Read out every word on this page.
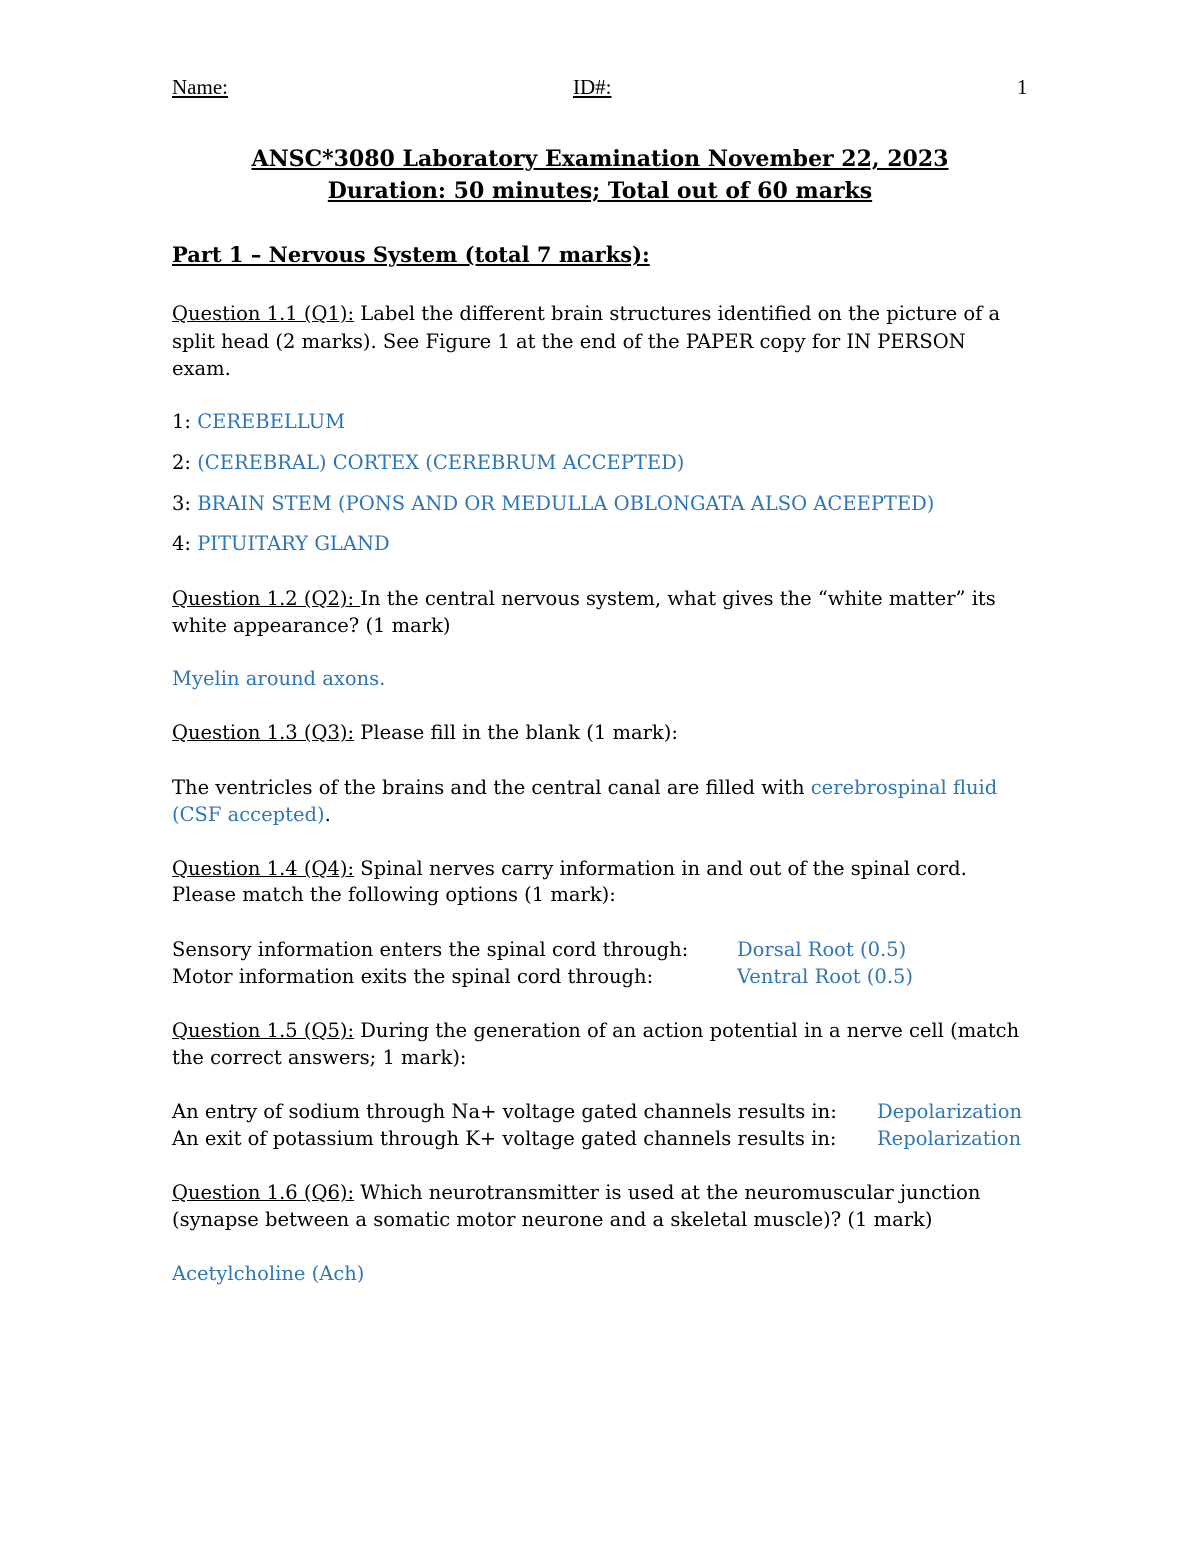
Name:	ID#:	1
ANSC*3080 Laboratory Examination November 22, 2023
Duration: 50 minutes; Total out of 60 marks
Part 1 – Nervous System (total 7 marks):
Question 1.1 (Q1): Label the different brain structures identified on the picture of a
split head (2 marks). See Figure 1 at the end of the PAPER copy for IN PERSON
exam.
1: CEREBELLUM
2: (CEREBRAL) CORTEX (CEREBRUM ACCEPTED)
3: BRAIN STEM (PONS AND OR MEDULLA OBLONGATA ALSO ACEEPTED)
4: PITUITARY GLAND
Question 1.2 (Q2): In the central nervous system, what gives the “white matter” its
white appearance? (1 mark)
Myelin around axons.
Question 1.3 (Q3): Please fill in the blank (1 mark):
The ventricles of the brains and the central canal are filled with cerebrospinal fluid
(CSF accepted).
Question 1.4 (Q4): Spinal nerves carry information in and out of the spinal cord.
Please match the following options (1 mark):
Sensory information enters the spinal cord through: Dorsal Root (0.5)
Motor information exits the spinal cord through:	Ventral Root (0.5)
Question 1.5 (Q5): During the generation of an action potential in a nerve cell (match
the correct answers; 1 mark):
An entry of sodium through Na+ voltage gated channels results in: Depolarization
An exit of potassium through K+ voltage gated channels results in: Repolarization
Question 1.6 (Q6): Which neurotransmitter is used at the neuromuscular junction
(synapse between a somatic motor neurone and a skeletal muscle)? (1 mark)
Acetylcholine (Ach)
